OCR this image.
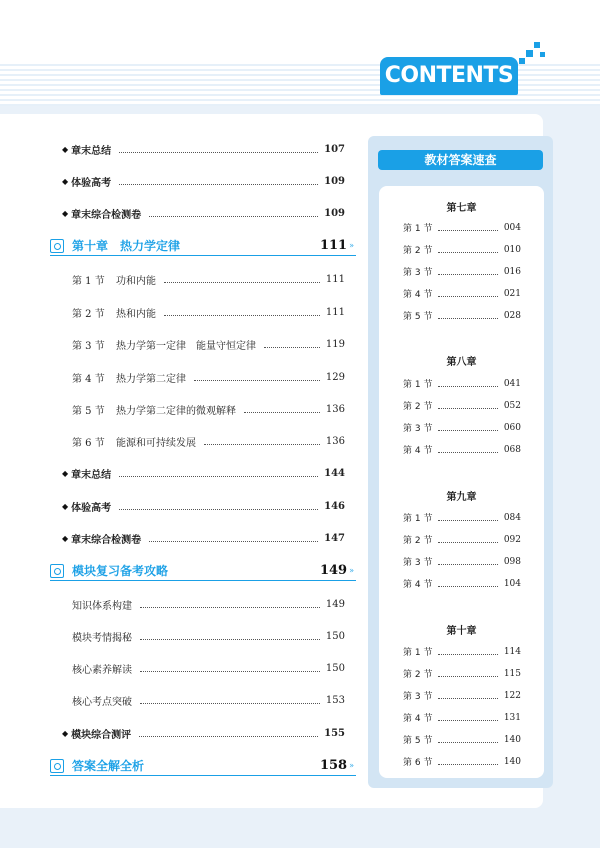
CONTENTS
◆ 章末总结	107
◆ 体验高考	109
◆ 章末综合检测卷	109
第十章　热力学定律	111 »
第 1 节	功和内能	111
第 2 节	热和内能	111
第 3 节	热力学第一定律　能量守恒定律	119
第 4 节	热力学第二定律	129
第 5 节	热力学第二定律的微观解释	136
第 6 节	能源和可持续发展	136
◆ 章末总结	144
◆ 体验高考	146
◆ 章末综合检测卷	147
模块复习备考攻略	149 »
知识体系构建	149
模块考情揭秘	150
核心素养解读	150
核心考点突破	153
◆ 模块综合测评	155
答案全解全析	158 »
教材答案速查
第七章
第 1 节	004
第 2 节	010
第 3 节	016
第 4 节	021
第 5 节	028
第八章
第 1 节	041
第 2 节	052
第 3 节	060
第 4 节	068
第九章
第 1 节	084
第 2 节	092
第 3 节	098
第 4 节	104
第十章
第 1 节	114
第 2 节	115
第 3 节	122
第 4 节	131
第 5 节	140
第 6 节	140
